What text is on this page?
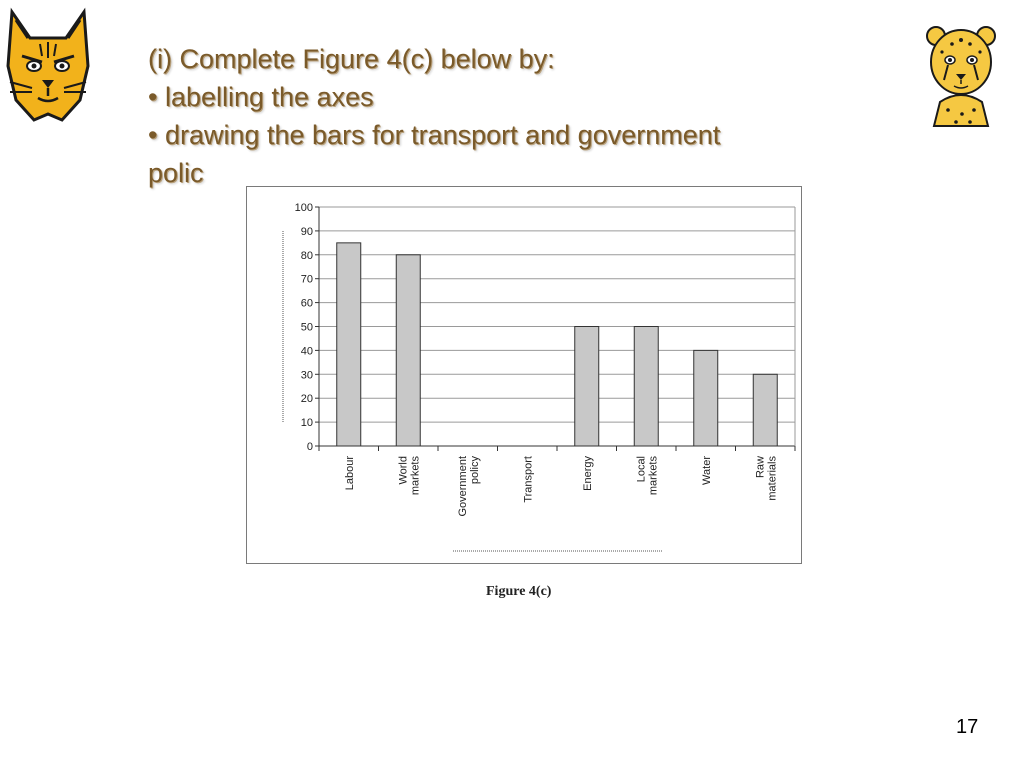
(i) Complete Figure 4(c) below by:
• labelling the axes
• drawing the bars for transport and government
polic
0
10
20
30
40
50
60
70
80
90
100
Labour	World markets	Government policy	Transport	Energy	Local markets	Water	Raw materials
Figure 4(c)
17
